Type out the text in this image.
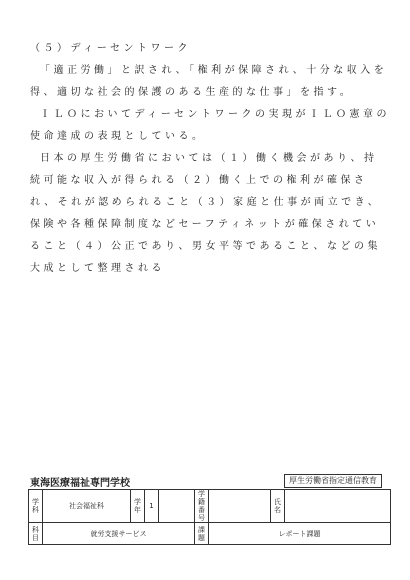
（５）ディーセントワーク

「適正労働」と訳され、「権利が保障され、十分な収入を得、適切な社会的保護のある生産的な仕事」を指す。

ＩＬＯにおいてディーセントワークの実現がＩＬＯ憲章の使命達成の表現としている。

日本の厚生労働省においては（１）働く機会があり、持続可能な収入が得られる（２）働く上での権利が確保され、それが認められること（３）家庭と仕事が両立でき、保険や各種保障制度などセーフティネットが確保されていること（４）公正であり、男女平等であること、などの集大成として整理される

東海医療福祉専門学校	厚生労働省指定通信教育
学科	社会福祉科	学年	1		学籍番号		氏名	
科目	就労支援サービス				課題	レポート課題		
